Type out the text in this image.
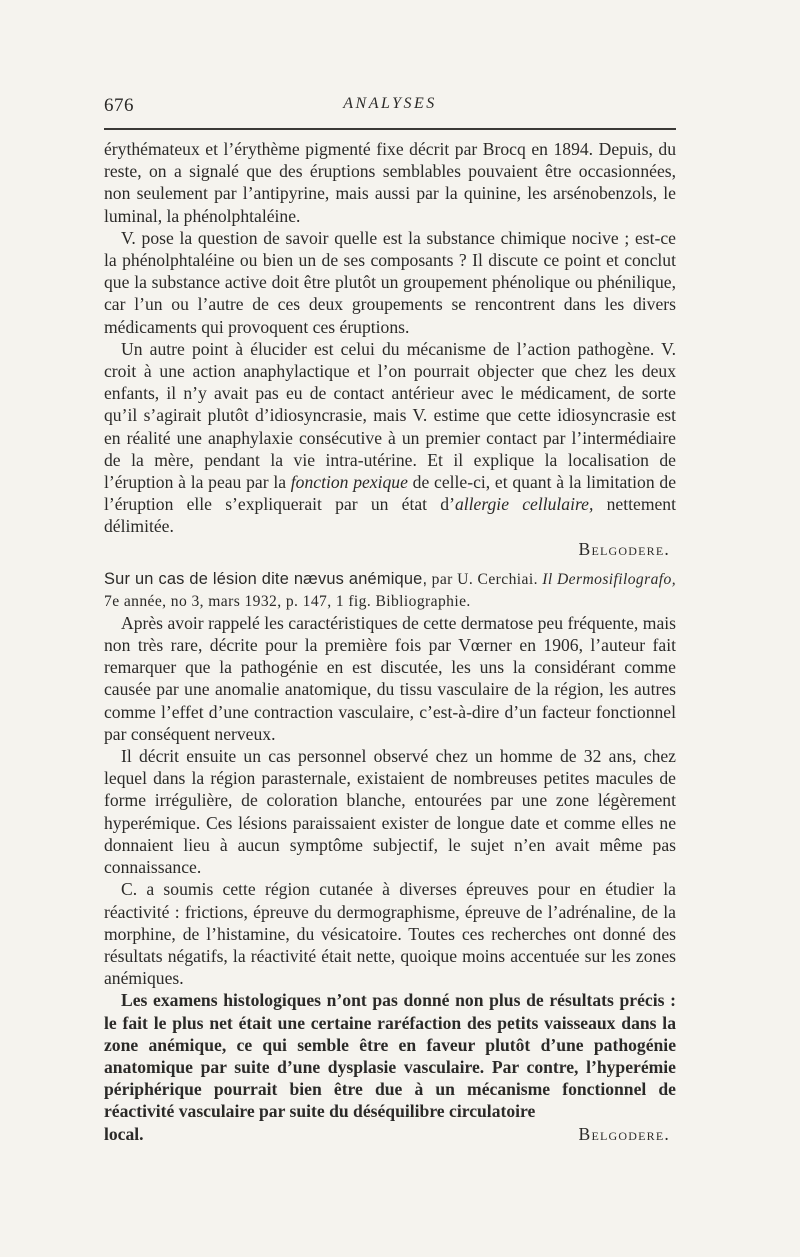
676	ANALYSES

érythémateux et l’érythème pigmenté fixe décrit par Brocq en 1894. Depuis, du reste, on a signalé que des éruptions semblables pouvaient être occasionnées, non seulement par l’antipyrine, mais aussi par la quinine, les arsénobenzols, le luminal, la phénolphtaléine.

V. pose la question de savoir quelle est la substance chimique nocive ; est-ce la phénolphtaléine ou bien un de ses composants ? Il discute ce point et conclut que la substance active doit être plutôt un groupement phénolique ou phénilique, car l’un ou l’autre de ces deux groupements se rencontrent dans les divers médicaments qui provoquent ces éruptions.

Un autre point à élucider est celui du mécanisme de l’action pathogène. V. croit à une action anaphylactique et l’on pourrait objecter que chez les deux enfants, il n’y avait pas eu de contact antérieur avec le médicament, de sorte qu’il s’agirait plutôt d’idiosyncrasie, mais V. estime que cette idiosyncrasie est en réalité une anaphylaxie consécutive à un premier contact par l’intermédiaire de la mère, pendant la vie intra-utérine. Et il explique la localisation de l’éruption à la peau par la fonction pexique de celle-ci, et quant à la limitation de l’éruption elle s’expliquerait par un état d’allergie cellulaire, nettement délimitée.

Belgodere.

Sur un cas de lésion dite nævus anémique, par U. Cerchiai. Il Dermosifilografo, 7e année, no 3, mars 1932, p. 147, 1 fig. Bibliographie.

Après avoir rappelé les caractéristiques de cette dermatose peu fréquente, mais non très rare, décrite pour la première fois par Vœrner en 1906, l’auteur fait remarquer que la pathogénie en est discutée, les uns la considérant comme causée par une anomalie anatomique, du tissu vasculaire de la région, les autres comme l’effet d’une contraction vasculaire, c’est-à-dire d’un facteur fonctionnel par conséquent nerveux.

Il décrit ensuite un cas personnel observé chez un homme de 32 ans, chez lequel dans la région parasternale, existaient de nombreuses petites macules de forme irrégulière, de coloration blanche, entourées par une zone légèrement hyperémique. Ces lésions paraissaient exister de longue date et comme elles ne donnaient lieu à aucun symptôme subjectif, le sujet n’en avait même pas connaissance.

C. a soumis cette région cutanée à diverses épreuves pour en étudier la réactivité : frictions, épreuve du dermographisme, épreuve de l’adrénaline, de la morphine, de l’histamine, du vésicatoire. Toutes ces recherches ont donné des résultats négatifs, la réactivité était nette, quoique moins accentuée sur les zones anémiques.

Les examens histologiques n’ont pas donné non plus de résultats précis : le fait le plus net était une certaine raréfaction des petits vaisseaux dans la zone anémique, ce qui semble être en faveur plutôt d’une pathogénie anatomique par suite d’une dysplasie vasculaire. Par contre, l’hyperémie périphérique pourrait bien être due à un mécanisme fonctionnel de réactivité vasculaire par suite du déséquilibre circulatoire

local.	Belgodere.
